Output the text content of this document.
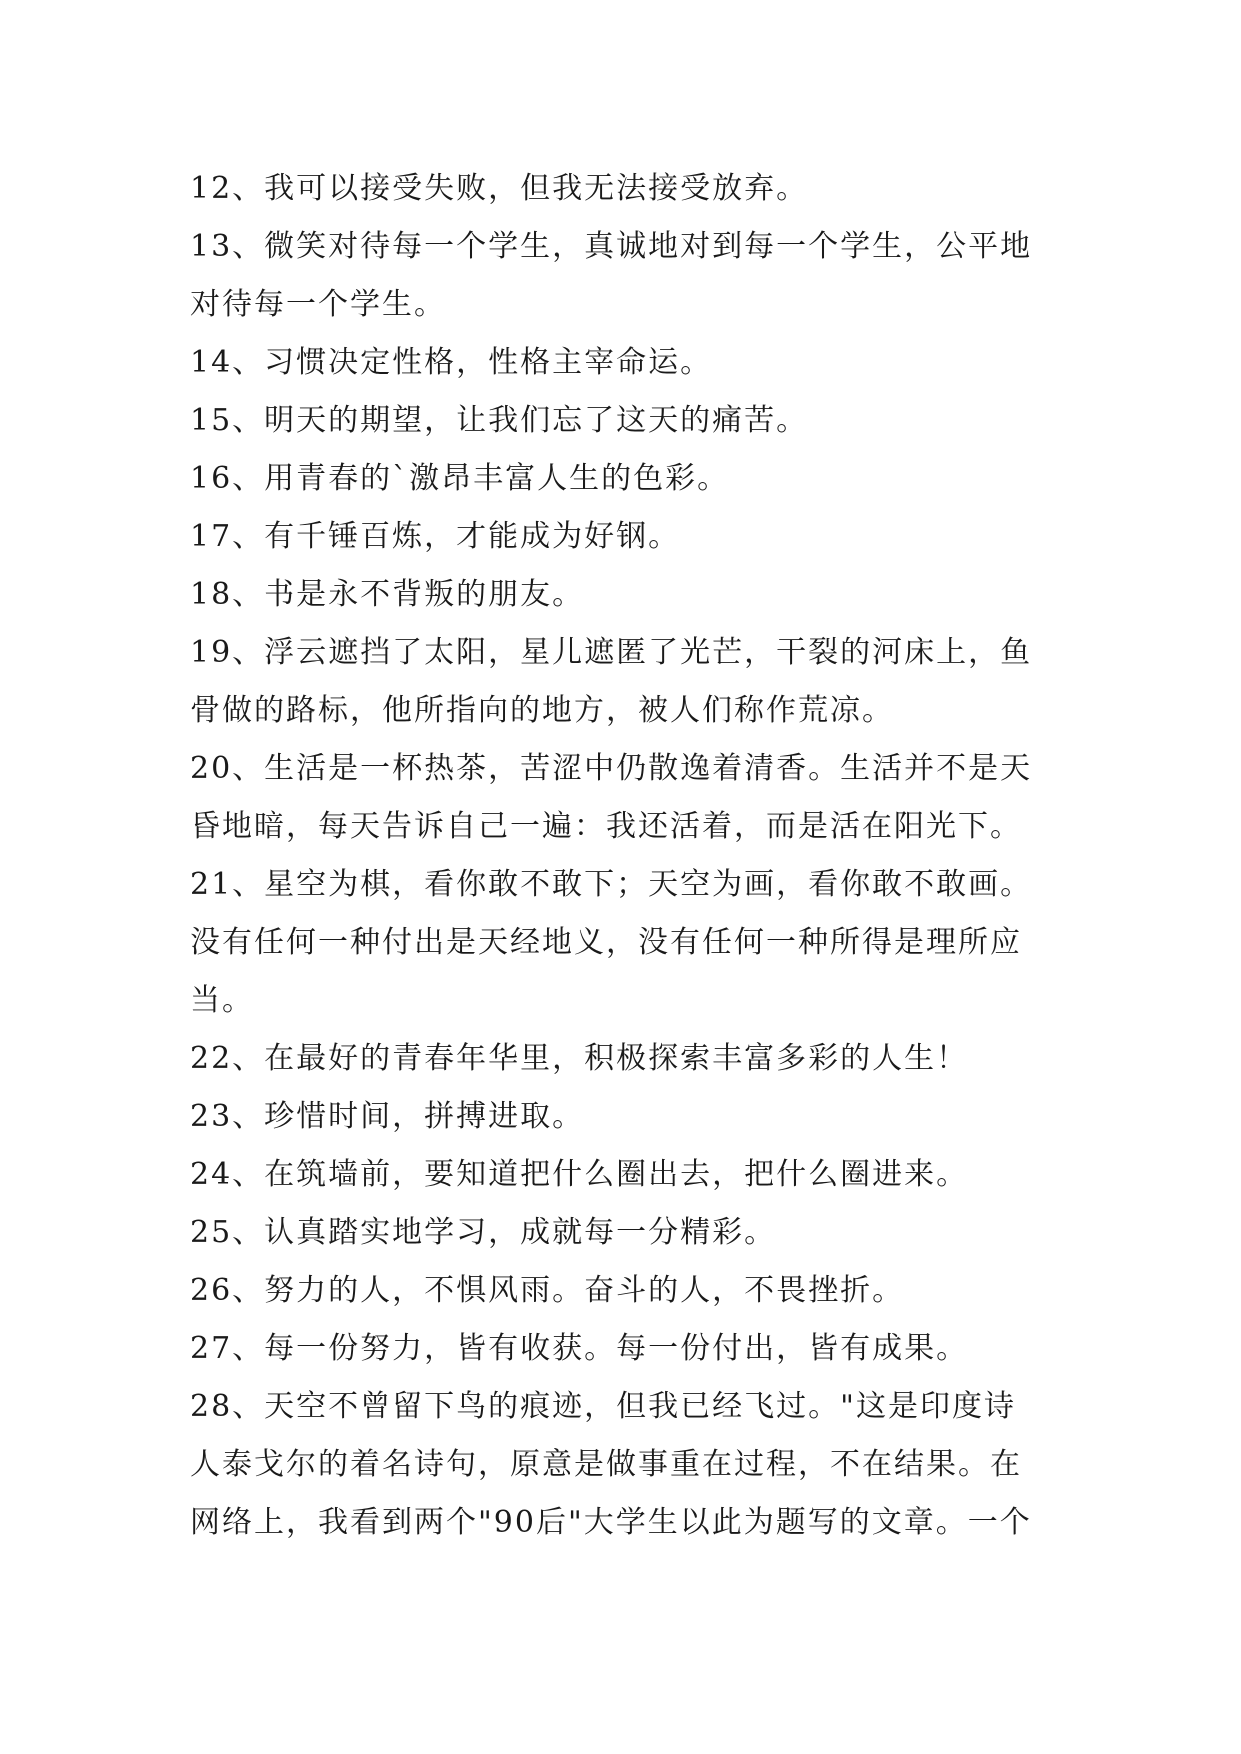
12、我可以接受失败，但我无法接受放弃。
13、微笑对待每一个学生，真诚地对到每一个学生，公平地
对待每一个学生。
14、习惯决定性格，性格主宰命运。
15、明天的期望，让我们忘了这天的痛苦。
16、用青春的`激昂丰富人生的色彩。
17、有千锤百炼，才能成为好钢。
18、书是永不背叛的朋友。
19、浮云遮挡了太阳，星儿遮匿了光芒，干裂的河床上，鱼
骨做的路标，他所指向的地方，被人们称作荒凉。
20、生活是一杯热茶，苦涩中仍散逸着清香。生活并不是天
昏地暗，每天告诉自己一遍：我还活着，而是活在阳光下。
21、星空为棋，看你敢不敢下；天空为画，看你敢不敢画。
没有任何一种付出是天经地义，没有任何一种所得是理所应
当。
22、在最好的青春年华里，积极探索丰富多彩的人生！
23、珍惜时间，拼搏进取。
24、在筑墙前，要知道把什么圈出去，把什么圈进来。
25、认真踏实地学习，成就每一分精彩。
26、努力的人，不惧风雨。奋斗的人，不畏挫折。
27、每一份努力，皆有收获。每一份付出，皆有成果。
28、天空不曾留下鸟的痕迹，但我已经飞过。"这是印度诗
人泰戈尔的着名诗句，原意是做事重在过程，不在结果。在
网络上，我看到两个"90后"大学生以此为题写的文章。一个
